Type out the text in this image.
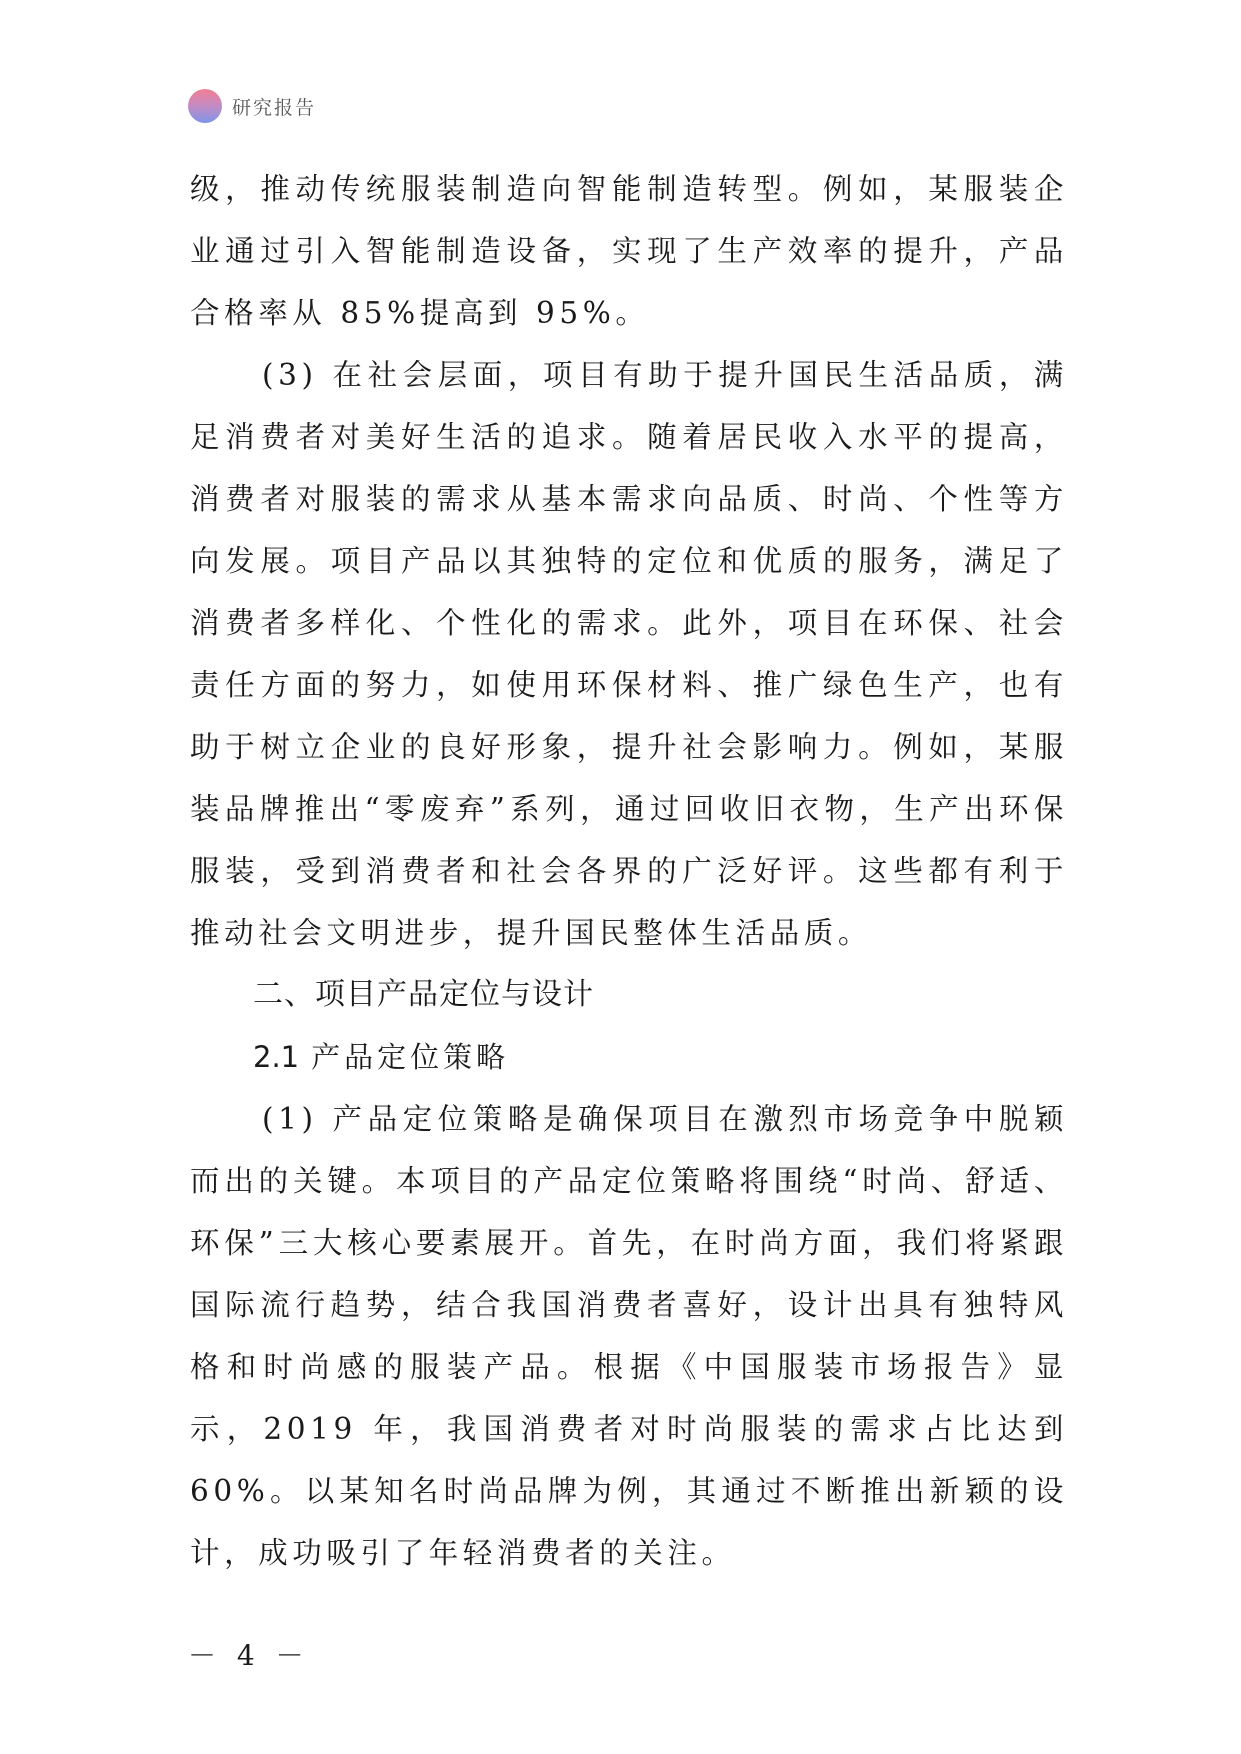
研究报告

级，推动传统服装制造向智能制造转型。例如，某服装企业通过引入智能制造设备，实现了生产效率的提升，产品合格率从 85%提高到 95%。

(3) 在社会层面，项目有助于提升国民生活品质，满足消费者对美好生活的追求。随着居民收入水平的提高，消费者对服装的需求从基本需求向品质、时尚、个性等方向发展。项目产品以其独特的定位和优质的服务，满足了消费者多样化、个性化的需求。此外，项目在环保、社会责任方面的努力，如使用环保材料、推广绿色生产，也有助于树立企业的良好形象，提升社会影响力。例如，某服装品牌推出“零废弃”系列，通过回收旧衣物，生产出环保服装，受到消费者和社会各界的广泛好评。这些都有利于推动社会文明进步，提升国民整体生活品质。

二、项目产品定位与设计

2.1 产品定位策略

(1) 产品定位策略是确保项目在激烈市场竞争中脱颖而出的关键。本项目的产品定位策略将围绕“时尚、舒适、环保”三大核心要素展开。首先，在时尚方面，我们将紧跟国际流行趋势，结合我国消费者喜好，设计出具有独特风格和时尚感的服装产品。根据《中国服装市场报告》显示，2019 年，我国消费者对时尚服装的需求占比达到 60%。以某知名时尚品牌为例，其通过不断推出新颖的设计，成功吸引了年轻消费者的关注。

－ 4 －
